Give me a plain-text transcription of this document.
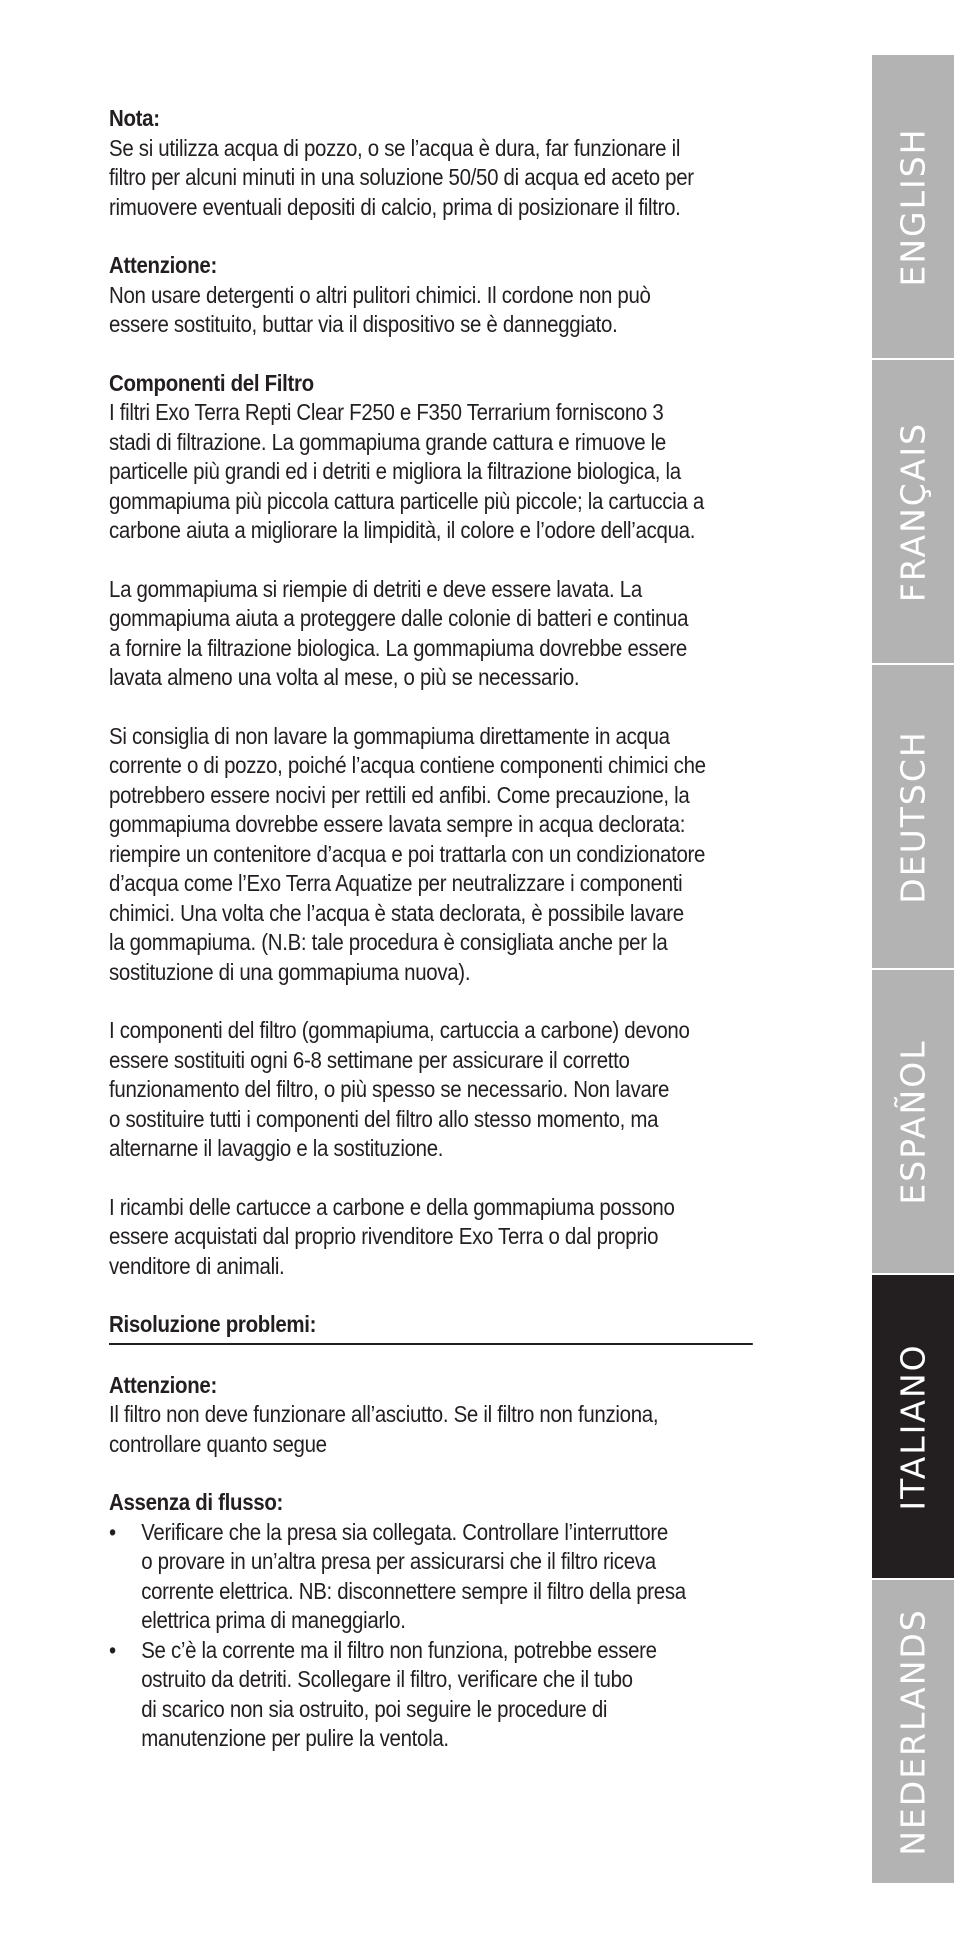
Nota:
Se si utilizza acqua di pozzo, o se l’acqua è dura, far funzionare il
filtro per alcuni minuti in una soluzione 50/50 di acqua ed aceto per
rimuovere eventuali depositi di calcio, prima di posizionare il filtro.
Attenzione:
Non usare detergenti o altri pulitori chimici. Il cordone non può
essere sostituito, buttar via il dispositivo se è danneggiato.
Componenti del Filtro
I filtri Exo Terra Repti Clear F250 e F350 Terrarium forniscono 3
stadi di filtrazione. La gommapiuma grande cattura e rimuove le
particelle più grandi ed i detriti e migliora la filtrazione biologica, la
gommapiuma più piccola cattura particelle più piccole; la cartuccia a
carbone aiuta a migliorare la limpidità, il colore e l’odore dell’acqua.
La gommapiuma si riempie di detriti e deve essere lavata. La
gommapiuma aiuta a proteggere dalle colonie di batteri e continua
a fornire la filtrazione biologica. La gommapiuma dovrebbe essere
lavata almeno una volta al mese, o più se necessario.
Si consiglia di non lavare la gommapiuma direttamente in acqua
corrente o di pozzo, poiché l’acqua contiene componenti chimici che
potrebbero essere nocivi per rettili ed anfibi. Come precauzione, la
gommapiuma dovrebbe essere lavata sempre in acqua declorata:
riempire un contenitore d’acqua e poi trattarla con un condizionatore
d’acqua come l’Exo Terra Aquatize per neutralizzare i componenti
chimici. Una volta che l’acqua è stata declorata, è possibile lavare
la gommapiuma. (N.B: tale procedura è consigliata anche per la
sostituzione di una gommapiuma nuova).
I componenti del filtro (gommapiuma, cartuccia a carbone) devono
essere sostituiti ogni 6-8 settimane per assicurare il corretto
funzionamento del filtro, o più spesso se necessario. Non lavare
o sostituire tutti i componenti del filtro allo stesso momento, ma
alternarne il lavaggio e la sostituzione.
I ricambi delle cartucce a carbone e della gommapiuma possono
essere acquistati dal proprio rivenditore Exo Terra o dal proprio
venditore di animali.
Risoluzione problemi:
Attenzione:
Il filtro non deve funzionare all’asciutto. Se il filtro non funziona,
controllare quanto segue
Assenza di flusso:
• Verificare che la presa sia collegata. Controllare l’interruttore
o provare in un’altra presa per assicurarsi che il filtro riceva
corrente elettrica. NB: disconnettere sempre il filtro della presa
elettrica prima di maneggiarlo.
• Se c’è la corrente ma il filtro non funziona, potrebbe essere
ostruito da detriti. Scollegare il filtro, verificare che il tubo
di scarico non sia ostruito, poi seguire le procedure di
manutenzione per pulire la ventola.
ENGLISH
FRANÇAIS
DEUTSCH
ESPAÑOL
ITALIANO
NEDERLANDS
